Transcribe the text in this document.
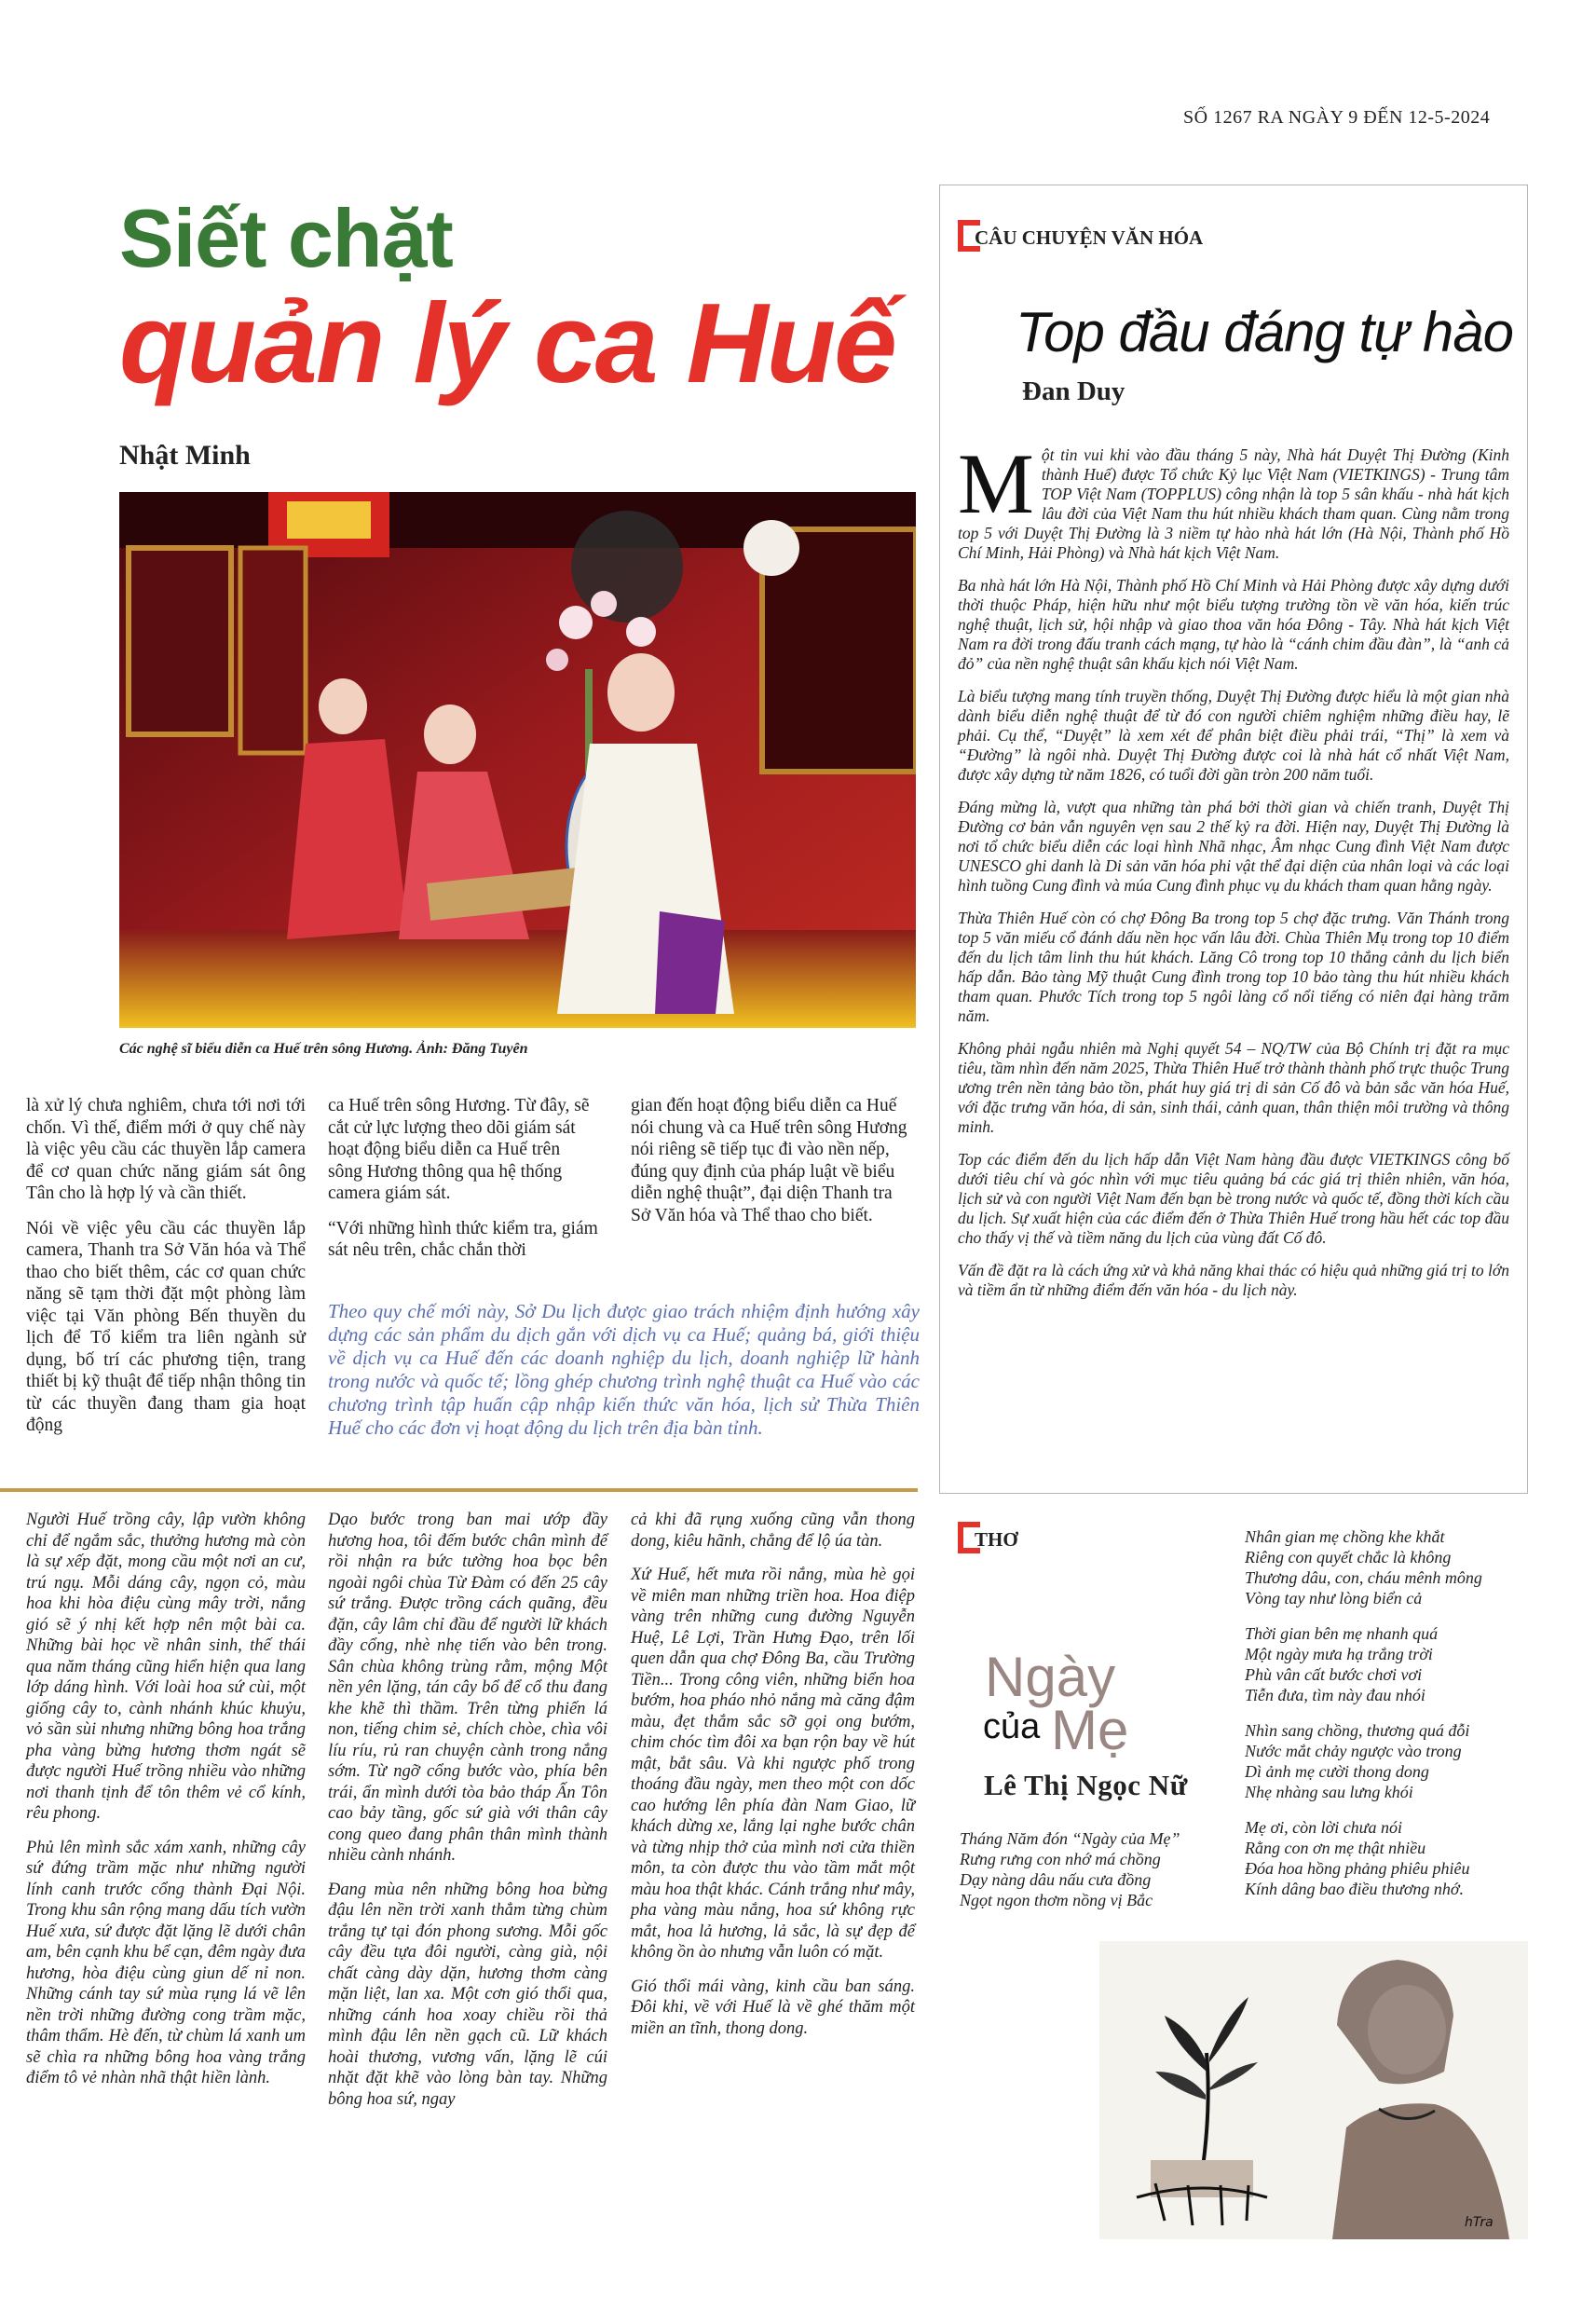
SỐ 1267 RA NGÀY 9 ĐẾN 12-5-2024
Siết chặt
quản lý ca Huế
Nhật Minh
Các nghệ sĩ biểu diễn ca Huế trên sông Hương. Ảnh: Đăng Tuyên

là xử lý chưa nghiêm, chưa tới nơi tới chốn. Vì thế, điểm mới ở quy chế này là việc yêu cầu các thuyền lắp camera để cơ quan chức năng giám sát ông Tân cho là hợp lý và cần thiết.

Nói về việc yêu cầu các thuyền lắp camera, Thanh tra Sở Văn hóa và Thể thao cho biết thêm, các cơ quan chức năng sẽ tạm thời đặt một phòng làm việc tại Văn phòng Bến thuyền du lịch để Tổ kiểm tra liên ngành sử dụng, bố trí các phương tiện, trang thiết bị kỹ thuật để tiếp nhận thông tin từ các thuyền đang tham gia hoạt động

ca Huế trên sông Hương. Từ đây, sẽ cắt cử lực lượng theo dõi giám sát hoạt động biểu diễn ca Huế trên sông Hương thông qua hệ thống camera giám sát.

“Với những hình thức kiểm tra, giám sát nêu trên, chắc chắn thời

gian đến hoạt động biểu diễn ca Huế nói chung và ca Huế trên sông Hương nói riêng sẽ tiếp tục đi vào nền nếp, đúng quy định của pháp luật về biểu diễn nghệ thuật”, đại diện Thanh tra Sở Văn hóa và Thể thao cho biết.

Theo quy chế mới này, Sở Du lịch được giao trách nhiệm định hướng xây dựng các sản phẩm du dịch gắn với dịch vụ ca Huế; quảng bá, giới thiệu về dịch vụ ca Huế đến các doanh nghiệp du lịch, doanh nghiệp lữ hành trong nước và quốc tế; lồng ghép chương trình nghệ thuật ca Huế vào các chương trình tập huấn cập nhập kiến thức văn hóa, lịch sử Thừa Thiên Huế cho các đơn vị hoạt động du lịch trên địa bàn tỉnh.
CÂU CHUYỆN VĂN HÓA
Top đầu đáng tự hào
Đan Duy

Một tin vui khi vào đầu tháng 5 này, Nhà hát Duyệt Thị Đường (Kinh thành Huế) được Tổ chức Kỷ lục Việt Nam (VIETKINGS) - Trung tâm TOP Việt Nam (TOPPLUS) công nhận là top 5 sân khấu - nhà hát kịch lâu đời của Việt Nam thu hút nhiều khách tham quan. Cùng nằm trong top 5 với Duyệt Thị Đường là 3 niềm tự hào nhà hát lớn (Hà Nội, Thành phố Hồ Chí Minh, Hải Phòng) và Nhà hát kịch Việt Nam.

Ba nhà hát lớn Hà Nội, Thành phố Hồ Chí Minh và Hải Phòng được xây dựng dưới thời thuộc Pháp, hiện hữu như một biểu tượng trường tồn về văn hóa, kiến trúc nghệ thuật, lịch sử, hội nhập và giao thoa văn hóa Đông - Tây. Nhà hát kịch Việt Nam ra đời trong đấu tranh cách mạng, tự hào là “cánh chim đầu đàn”, là “anh cả đỏ” của nền nghệ thuật sân khấu kịch nói Việt Nam.

Là biểu tượng mang tính truyền thống, Duyệt Thị Đường được hiểu là một gian nhà dành biểu diễn nghệ thuật để từ đó con người chiêm nghiệm những điều hay, lẽ phải. Cụ thể, “Duyệt” là xem xét để phân biệt điều phải trái, “Thị” là xem và “Đường” là ngôi nhà. Duyệt Thị Đường được coi là nhà hát cổ nhất Việt Nam, được xây dựng từ năm 1826, có tuổi đời gần tròn 200 năm tuổi.

Đáng mừng là, vượt qua những tàn phá bởi thời gian và chiến tranh, Duyệt Thị Đường cơ bản vẫn nguyên vẹn sau 2 thế kỷ ra đời. Hiện nay, Duyệt Thị Đường là nơi tổ chức biểu diễn các loại hình Nhã nhạc, Âm nhạc Cung đình Việt Nam được UNESCO ghi danh là Di sản văn hóa phi vật thể đại diện của nhân loại và các loại hình tuồng Cung đình và múa Cung đình phục vụ du khách tham quan hằng ngày.

Thừa Thiên Huế còn có chợ Đông Ba trong top 5 chợ đặc trưng. Văn Thánh trong top 5 văn miếu cổ đánh dấu nền học vấn lâu đời. Chùa Thiên Mụ trong top 10 điểm đến du lịch tâm linh thu hút khách. Lăng Cô trong top 10 thắng cảnh du lịch biển hấp dẫn. Bảo tàng Mỹ thuật Cung đình trong top 10 bảo tàng thu hút nhiều khách tham quan. Phước Tích trong top 5 ngôi làng cổ nổi tiếng có niên đại hàng trăm năm.

Không phải ngẫu nhiên mà Nghị quyết 54 – NQ/TW của Bộ Chính trị đặt ra mục tiêu, tầm nhìn đến năm 2025, Thừa Thiên Huế trở thành thành phố trực thuộc Trung ương trên nền tảng bảo tồn, phát huy giá trị di sản Cố đô và bản sắc văn hóa Huế, với đặc trưng văn hóa, di sản, sinh thái, cảnh quan, thân thiện môi trường và thông minh.

Top các điểm đến du lịch hấp dẫn Việt Nam hàng đầu được VIETKINGS công bố dưới tiêu chí và góc nhìn với mục tiêu quảng bá các giá trị thiên nhiên, văn hóa, lịch sử và con người Việt Nam đến bạn bè trong nước và quốc tế, đồng thời kích cầu du lịch. Sự xuất hiện của các điểm đến ở Thừa Thiên Huế trong hầu hết các top đầu cho thấy vị thế và tiềm năng du lịch của vùng đất Cố đô.

Vấn đề đặt ra là cách ứng xử và khả năng khai thác có hiệu quả những giá trị to lớn và tiềm ẩn từ những điểm đến văn hóa - du lịch này.

Người Huế trồng cây, lập vườn không chỉ để ngắm sắc, thưởng hương mà còn là sự xếp đặt, mong cầu một nơi an cư, trú ngụ. Mỗi dáng cây, ngọn cỏ, màu hoa khi hòa điệu cùng mây trời, nắng gió sẽ ý nhị kết hợp nên một bài ca. Những bài học về nhân sinh, thế thái qua năm tháng cũng hiển hiện qua lang lớp dáng hình. Với loài hoa sứ cùi, một giống cây to, cành nhánh khúc khuỷu, vỏ sần sùi nhưng những bông hoa trắng pha vàng bừng hương thơm ngát sẽ được người Huế trồng nhiều vào những nơi thanh tịnh để tôn thêm vẻ cổ kính, rêu phong.

Phủ lên mình sắc xám xanh, những cây sứ đứng trầm mặc như những người lính canh trước cổng thành Đại Nội. Trong khu sân rộng mang dấu tích vườn Huế xưa, sứ được đặt lặng lẽ dưới chân am, bên cạnh khu bể cạn, đêm ngày đưa hương, hòa điệu cùng giun dế nỉ non. Những cánh tay sứ mùa rụng lá vẽ lên nền trời những đường cong trầm mặc, thâm thẩm. Hè đến, từ chùm lá xanh um sẽ chìa ra những bông hoa vàng trắng điểm tô vẻ nhàn nhã thật hiền lành.

Dạo bước trong ban mai ướp đầy hương hoa, tôi đếm bước chân mình để rồi nhận ra bức tường hoa bọc bên ngoài ngôi chùa Từ Đàm có đến 25 cây sứ trắng. Được trồng cách quãng, đều đặn, cây lâm chỉ đầu để người lữ khách đầy cổng, nhè nhẹ tiến vào bên trong. Sân chùa không trùng rằm, mộng Một nền yên lặng, tán cây bổ để cổ thu đang khe khẽ thì thầm. Trên từng phiến lá non, tiếng chim sẻ, chích chòe, chìa vôi líu ríu, rủ ran chuyện cành trong nắng sớm. Từ ngỡ cổng bước vào, phía bên trái, ẩn mình dưới tòa bảo tháp Ấn Tôn cao bảy tầng, gốc sứ già với thân cây cong queo đang phân thân mình thành nhiều cành nhánh.

Đang mùa nên những bông hoa bừng đậu lên nền trời xanh thẳm từng chùm trắng tự tại đón phong sương. Mỗi gốc cây đều tựa đôi người, càng già, nội chất càng dày dặn, hương thơm càng mặn liệt, lan xa. Một cơn gió thổi qua, những cánh hoa xoay chiều rồi thả mình đậu lên nền gạch cũ. Lữ khách hoài thương, vương vấn, lặng lẽ cúi nhặt đặt khẽ vào lòng bàn tay. Những bông hoa sứ, ngay

cả khi đã rụng xuống cũng vẫn thong dong, kiêu hãnh, chẳng để lộ úa tàn.

Xứ Huế, hết mưa rồi nắng, mùa hè gọi về miên man những triền hoa. Hoa điệp vàng trên những cung đường Nguyễn Huệ, Lê Lợi, Trần Hưng Đạo, trên lối quen dẫn qua chợ Đông Ba, cầu Trường Tiền... Trong công viên, những biển hoa bướm, hoa pháo nhỏ nắng mà căng đậm màu, đẹt thắm sắc sỡ gọi ong bướm, chim chóc tìm đôi xa bạn rộn bay về hút mật, bắt sâu. Và khi ngược phố trong thoáng đầu ngày, men theo một con dốc cao hướng lên phía đàn Nam Giao, lữ khách dừng xe, lắng lại nghe bước chân và từng nhịp thở của mình nơi cửa thiền môn, ta còn được thu vào tầm mắt một màu hoa thật khác. Cánh trắng như mây, pha vàng màu nắng, hoa sứ không rực mắt, hoa lả hương, lả sắc, là sự đẹp để không ồn ào nhưng vẫn luôn có mặt.

Gió thổi mái vàng, kinh cầu ban sáng. Đôi khi, về với Huế là về ghé thăm một miền an tĩnh, thong dong.

THƠ
Ngày
của Mẹ
Lê Thị Ngọc Nữ
Tháng Năm đón “Ngày của Mẹ”
Rưng rưng con nhớ má chồng
Dạy nàng dâu nấu cưa đồng
Ngọt ngon thơm nồng vị Bắc
Nhân gian mẹ chồng khe khắt
Riêng con quyết chắc là không
Thương dâu, con, cháu mênh mông
Vòng tay như lòng biển cả
Thời gian bên mẹ nhanh quá
Một ngày mưa hạ trắng trời
Phù vân cất bước chơi vơi
Tiễn đưa, tìm này đau nhói
Nhìn sang chồng, thương quá đỗi
Nước mắt chảy ngược vào trong
Dì ảnh mẹ cười thong dong
Nhẹ nhàng sau lưng khói
Mẹ ơi, còn lời chưa nói
Rằng con ơn mẹ thật nhiều
Đóa hoa hồng phảng phiêu phiêu
Kính dâng bao điều thương nhớ.
hTra
